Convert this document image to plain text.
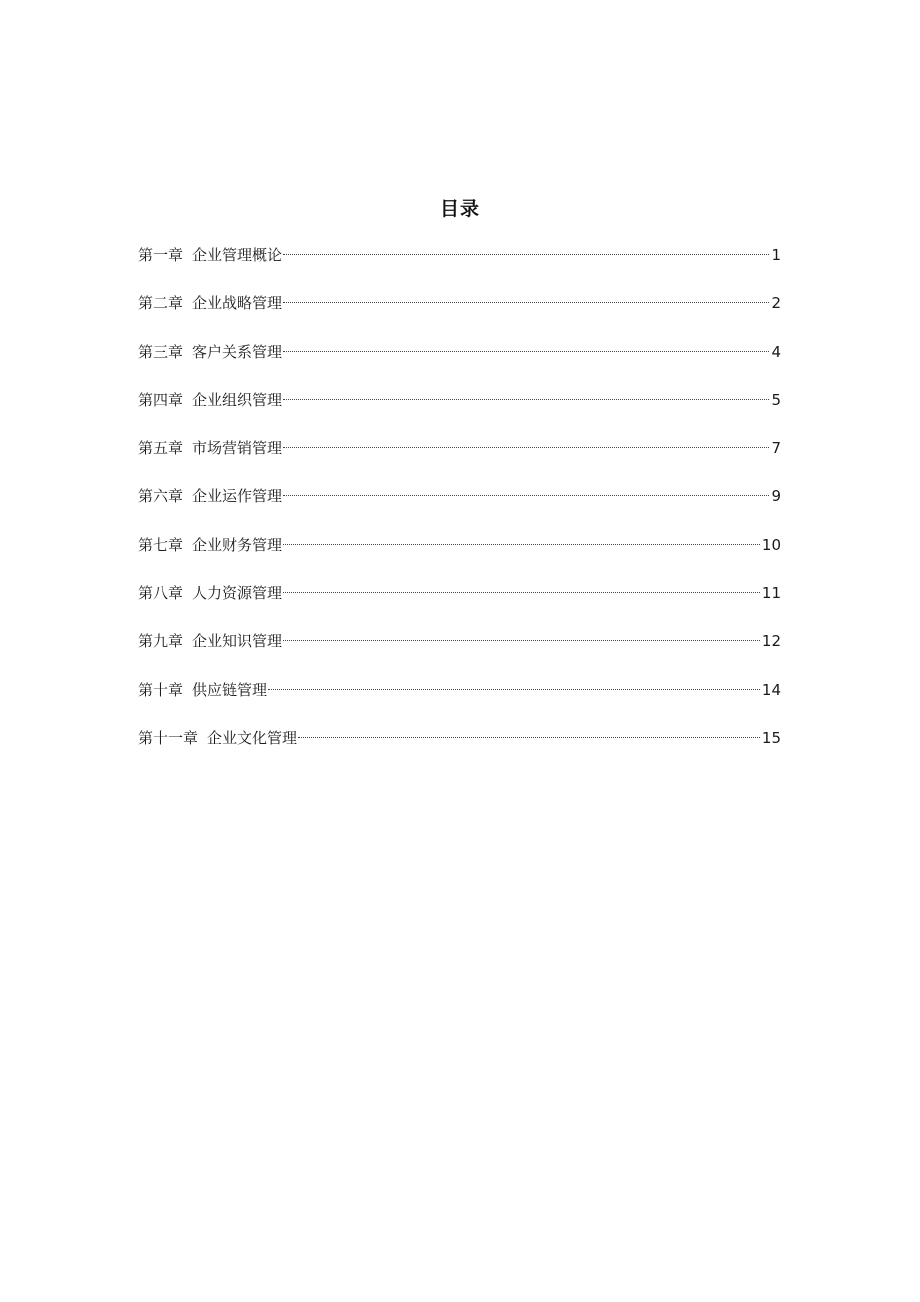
目录
第一章 企业管理概论	1
第二章 企业战略管理	2
第三章 客户关系管理	4
第四章 企业组织管理	5
第五章 市场营销管理	7
第六章 企业运作管理	9
第七章 企业财务管理	10
第八章 人力资源管理	11
第九章 企业知识管理	12
第十章 供应链管理	14
第十一章 企业文化管理	15
